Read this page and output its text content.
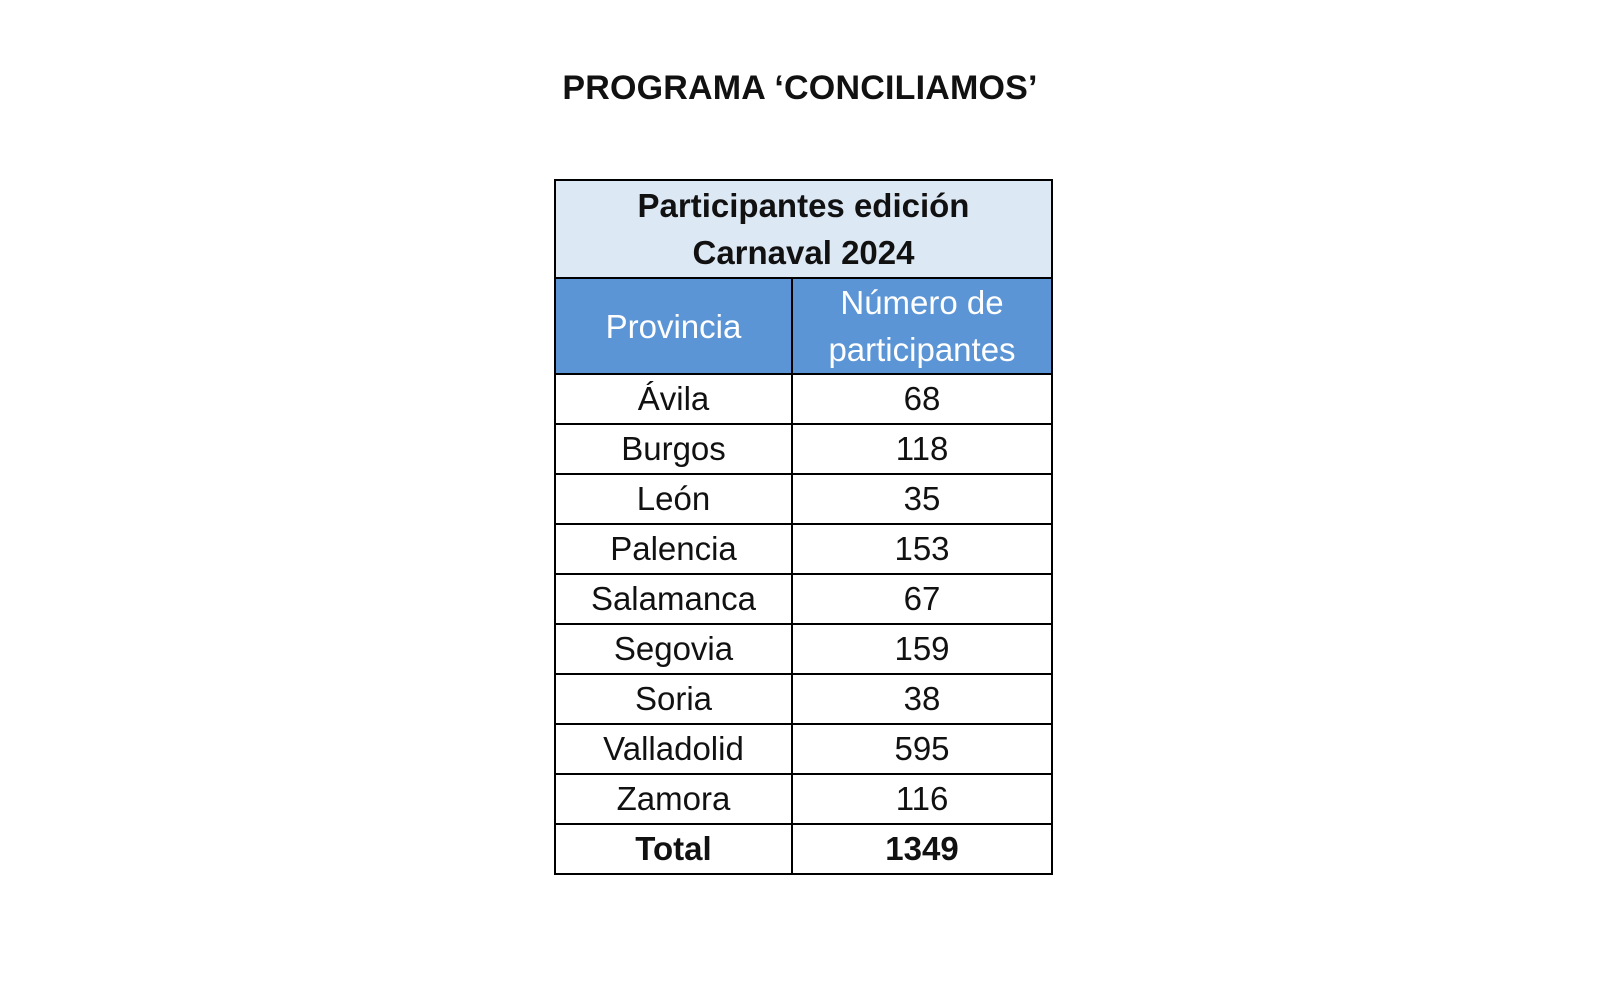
PROGRAMA ‘CONCILIAMOS’
Participantes edición
Carnaval 2024	

Provincia	Número de
participantes

Ávila	68
Burgos	118
León	35
Palencia	153
Salamanca	67
Segovia	159
Soria	38
Valladolid	595
Zamora	116
Total	1349
